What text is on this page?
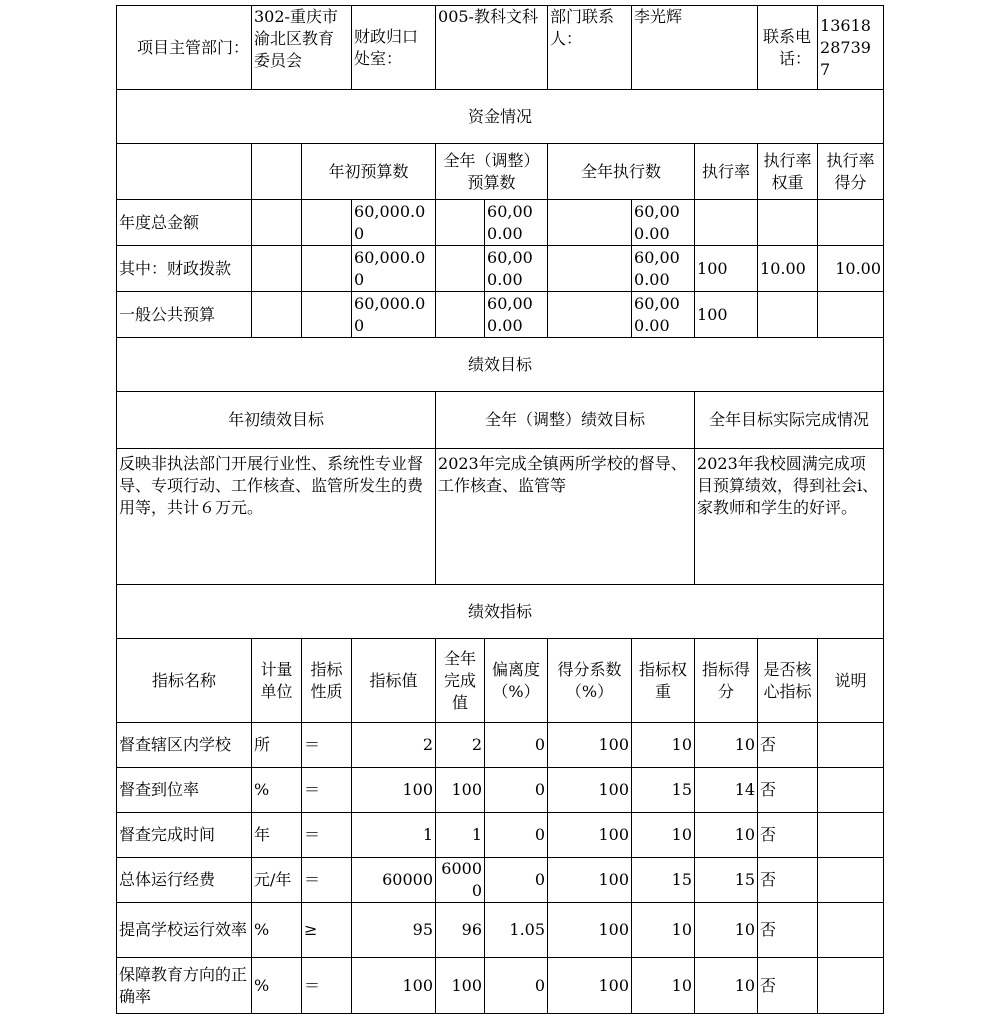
项目主管部门：	302-重庆市渝北区教育委员会		财政归口处室：	005-教科文科		部门联系人：	李光辉		联系电话：	13618287397
资金情况										
		年初预算数		全年（调整）预算数		全年执行数		执行率	执行率权重	执行率得分
年度总金额			60,000.00		60,000.00		60,000.00			
其中：财政拨款			60,000.00		60,000.00		60,000.00	100	10.00	10.00
一般公共预算			60,000.00		60,000.00		60,000.00	100		
绩效目标										
年初绩效目标				全年（调整）绩效目标				全年目标实际完成情况		
反映非执法部门开展行业性、系统性专业督导、专项行动、工作核查、监管所发生的费用等，共计６万元。				2023年完成全镇两所学校的督导、工作核查、监管等				2023年我校圆满完成项目预算绩效，得到社会i、家教师和学生的好评。		
绩效指标										
指标名称	计量单位	指标性质	指标值	全年完成值	偏离度（%）	得分系数（%）	指标权重	指标得分	是否核心指标	说明
督查辖区内学校	所	＝	2	2	0	100	10	10	否	
督查到位率	%	＝	100	100	0	100	15	14	否	
督查完成时间	年	＝	1	1	0	100	10	10	否	
总体运行经费	元/年	＝	60000	60000	0	100	15	15	否	
提高学校运行效率	%	≥	95	96	1.05	100	10	10	否	
保障教育方向的正确率	%	＝	100	100	0	100	10	10	否	
